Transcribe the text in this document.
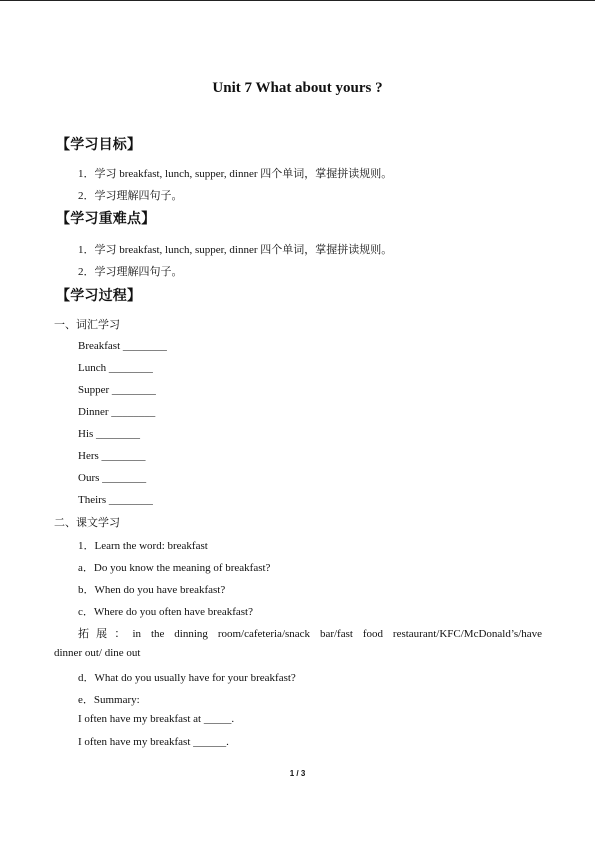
Unit 7 What about yours ?
【学习目标】
1．学习 breakfast, lunch, supper, dinner 四个单词，掌握拼读规则。
2．学习理解四句子。
【学习重难点】
1．学习 breakfast, lunch, supper, dinner 四个单词，掌握拼读规则。
2．学习理解四句子。
【学习过程】
一、词汇学习
Breakfast ________
Lunch ________
Supper ________
Dinner ________
His ________
Hers ________
Ours ________
Theirs ________
二、课文学习
1．Learn the word: breakfast
a．Do you know the meaning of breakfast?
b．When do you have breakfast?
c．Where do you often have breakfast?
拓展：in the dinning room/cafeteria/snack bar/fast food restaurant/KFC/McDonald’s/have
dinner out/ dine out
d．What do you usually have for your breakfast?
e．Summary:
I often have my breakfast at _____.
I often have my breakfast ______.
1 / 3
